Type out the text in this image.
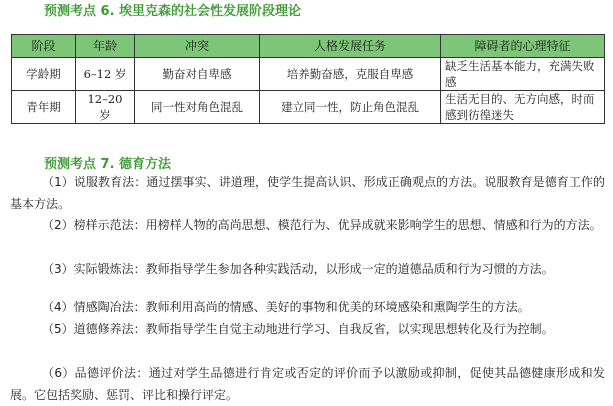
预测考点 6. 埃里克森的社会性发展阶段理论
阶段	年龄	冲突	人格发展任务	障碍者的心理特征
学龄期	6–12 岁	勤奋对自卑感	培养勤奋感，克服自卑感	缺乏生活基本能力，充满失败感
青年期	12–20 岁	同一性对角色混乱	建立同一性，防止角色混乱	生活无目的、无方向感，时而感到彷徨迷失
预测考点 7. 德育方法

（1）说服教育法：通过摆事实、讲道理，使学生提高认识、形成正确观点的方法。说服教育是德育工作的基本方法。

（2）榜样示范法：用榜样人物的高尚思想、模范行为、优异成就来影响学生的思想、情感和行为的方法。

（3）实际锻炼法：教师指导学生参加各种实践活动，以形成一定的道德品质和行为习惯的方法。

（4）情感陶冶法：教师利用高尚的情感、美好的事物和优美的环境感染和熏陶学生的方法。

（5）道德修养法：教师指导学生自觉主动地进行学习、自我反省，以实现思想转化及行为控制。

（6）品德评价法：通过对学生品德进行肯定或否定的评价而予以激励或抑制，促使其品德健康形成和发展。它包括奖励、惩罚、评比和操行评定。
